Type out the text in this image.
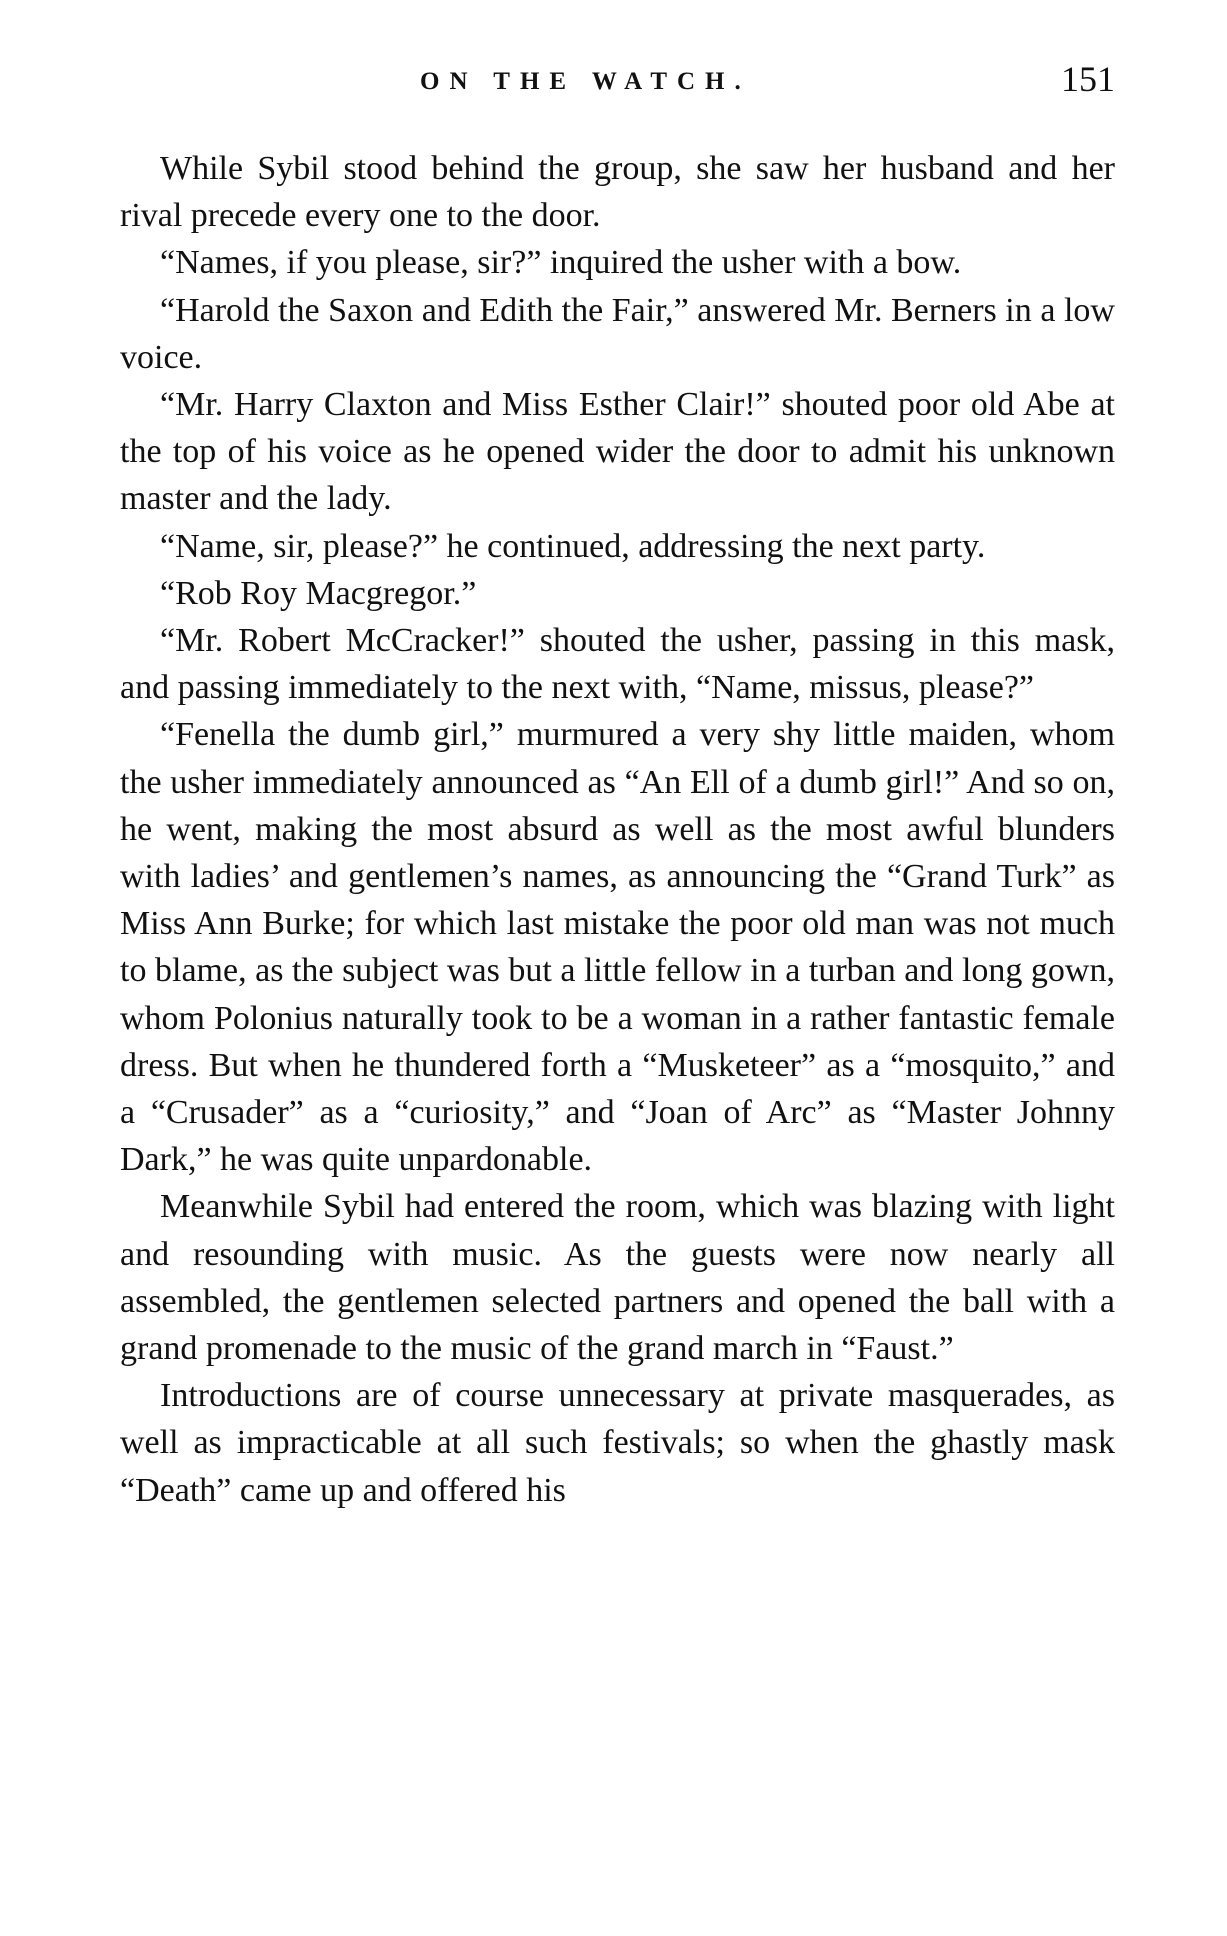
ON THE WATCH.	151

While Sybil stood behind the group, she saw her husband and her rival precede every one to the door.

“Names, if you please, sir?” inquired the usher with a bow.

“Harold the Saxon and Edith the Fair,” answered Mr. Berners in a low voice.

“Mr. Harry Claxton and Miss Esther Clair!” shouted poor old Abe at the top of his voice as he opened wider the door to admit his unknown master and the lady.

“Name, sir, please?” he continued, addressing the next party.

“Rob Roy Macgregor.”

“Mr. Robert McCracker!” shouted the usher, passing in this mask, and passing immediately to the next with, “Name, missus, please?”

“Fenella the dumb girl,” murmured a very shy little maiden, whom the usher immediately announced as “An Ell of a dumb girl!” And so on, he went, making the most absurd as well as the most awful blunders with ladies’ and gentlemen’s names, as announcing the “Grand Turk” as Miss Ann Burke; for which last mistake the poor old man was not much to blame, as the subject was but a little fellow in a turban and long gown, whom Polonius naturally took to be a woman in a rather fantastic female dress. But when he thundered forth a “Musketeer” as a “mosquito,” and a “Crusader” as a “curiosity,” and “Joan of Arc” as “Master Johnny Dark,” he was quite unpardonable.

Meanwhile Sybil had entered the room, which was blazing with light and resounding with music. As the guests were now nearly all assembled, the gentlemen selected partners and opened the ball with a grand promenade to the music of the grand march in “Faust.”

Introductions are of course unnecessary at private masquerades, as well as impracticable at all such festivals; so when the ghastly mask “Death” came up and offered his
